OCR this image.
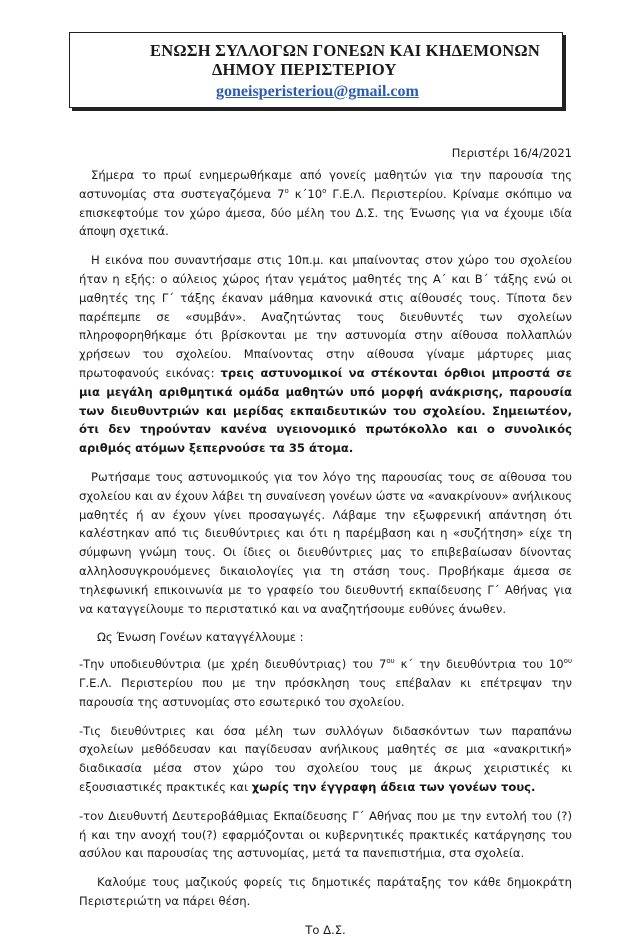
ΕΝΩΣΗ ΣΥΛΛΟΓΩΝ ΓΟΝΕΩΝ ΚΑΙ ΚΗΔΕΜΟΝΩΝ
ΔΗΜΟΥ ΠΕΡΙΣΤΕΡΙΟΥ
goneisperisteriou@gmail.com
Περιστέρι 16/4/2021

Σήμερα το πρωί ενημερωθήκαμε από γονείς μαθητών για την παρουσία της αστυνομίας στα συστεγαζόμενα $7^o$ $\kappa΄10^o$ Γ.Ε.Λ. Περιστερίου. Κρίναμε σκόπιμο να επισκεφτούμε τον χώρο άμεσα, δύο μέλη του Δ.Σ. της Ένωσης για να έχουμε ιδία άποψη σχετικά.

Η εικόνα που συναντήσαμε στις 10π.μ. και μπαίνοντας στον χώρο του σχολείου ήταν η εξής: ο αύλειος χώρος ήταν γεμάτος μαθητές της Α΄ και Β΄ τάξης ενώ οι μαθητές της Γ΄ τάξης έκαναν μάθημα κανονικά στις αίθουσές τους. Τίποτα δεν παρέπεμπε σε «συμβάν». Αναζητώντας τους διευθυντές των σχολείων πληροφορηθήκαμε ότι βρίσκονται με την αστυνομία στην αίθουσα πολλαπλών χρήσεων του σχολείου. Μπαίνοντας στην αίθουσα γίναμε μάρτυρες μιας πρωτοφανούς εικόνας: τρεις αστυνομικοί να στέκονται όρθιοι μπροστά σε μια μεγάλη αριθμητικά ομάδα μαθητών υπό μορφή ανάκρισης, παρουσία των διευθυντριών και μερίδας εκπαιδευτικών του σχολείου. Σημειωτέον, ότι δεν τηρούνταν κανένα υγειονομικό πρωτόκολλο και ο συνολικός αριθμός ατόμων ξεπερνούσε τα 35 άτομα.

Ρωτήσαμε τους αστυνομικούς για τον λόγο της παρουσίας τους σε αίθουσα του σχολείου και αν έχουν λάβει τη συναίνεση γονέων ώστε να «ανακρίνουν» ανήλικους μαθητές ή αν έχουν γίνει προσαγωγές. Λάβαμε την εξωφρενική απάντηση ότι καλέστηκαν από τις διευθύντριες και ότι η παρέμβαση και η «συζήτηση» είχε τη σύμφωνη γνώμη τους. Οι ίδιες οι διευθύντριες μας το επιβεβαίωσαν δίνοντας αλληλοσυγκρουόμενες δικαιολογίες για τη στάση τους. Προβήκαμε άμεσα σε τηλεφωνική επικοινωνία με το γραφείο του διευθυντή εκπαίδευσης Γ΄ Αθήνας για να καταγγείλουμε το περιστατικό και να αναζητήσουμε ευθύνες άνωθεν.

Ως Ένωση Γονέων καταγγέλλουμε :

-Την υποδιευθύντρια (με χρέη διευθύντριας) του $7^{o\upsilon}$ κ΄ την διευθύντρια του $10^{o\upsilon}$ Γ.Ε.Λ. Περιστερίου που με την πρόσκληση τους επέβαλαν κι επέτρεψαν την παρουσία της αστυνομίας στο εσωτερικό του σχολείου.

-Τις διευθύντριες και όσα μέλη των συλλόγων διδασκόντων των παραπάνω σχολείων μεθόδευσαν και παγίδευσαν ανήλικους μαθητές σε μια «ανακριτική» διαδικασία μέσα στον χώρο του σχολείου τους με άκρως χειριστικές κι εξουσιαστικές πρακτικές και χωρίς την έγγραφη άδεια των γονέων τους.

-τον Διευθυντή Δευτεροβάθμιας Εκπαίδευσης Γ΄ Αθήνας που με την εντολή του (?) ή και την ανοχή του(?) εφαρμόζονται οι κυβερνητικές πρακτικές κατάργησης του ασύλου και παρουσίας της αστυνομίας, μετά τα πανεπιστήμια, στα σχολεία.

Καλούμε τους μαζικούς φορείς τις δημοτικές παράταξης τον κάθε δημοκράτη Περιστεριώτη να πάρει θέση.

Το Δ.Σ.
